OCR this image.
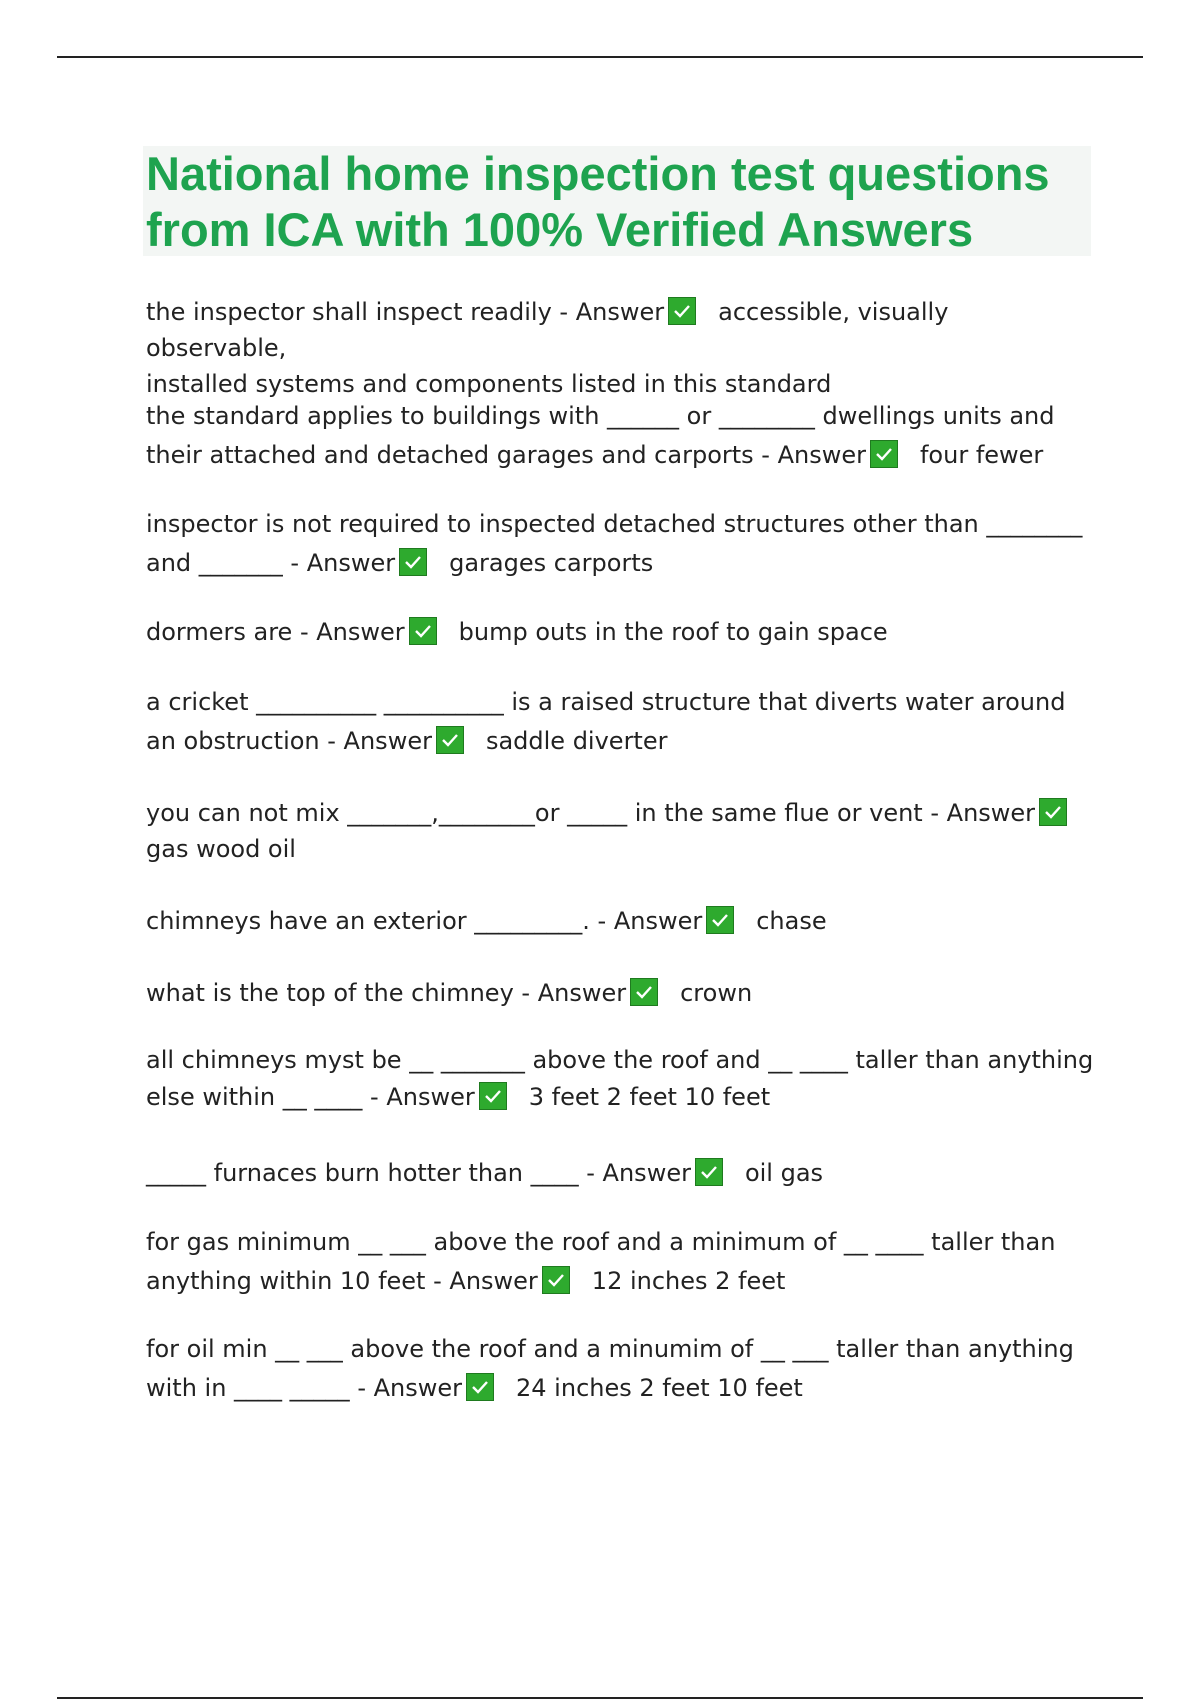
National home inspection test questions
from ICA with 100% Verified Answers
the inspector shall inspect readily - Answer accessible, visually observable,
installed systems and components listed in this standard
the standard applies to buildings with ______ or ________ dwellings units and
their attached and detached garages and carports - Answer four fewer
inspector is not required to inspected detached structures other than ________
and _______ - Answer garages carports
dormers are - Answer bump outs in the roof to gain space
a cricket __________ __________ is a raised structure that diverts water around
an obstruction - Answer saddle diverter
you can not mix _______,________or _____ in the same flue or vent - Answer

gas wood oil
chimneys have an exterior _________. - Answer chase
what is the top of the chimney - Answer crown
all chimneys myst be __ _______ above the roof and __ ____ taller than anything
else within __ ____ - Answer 3 feet 2 feet 10 feet
_____ furnaces burn hotter than ____ - Answer oil gas
for gas minimum __ ___ above the roof and a minimum of __ ____ taller than
anything within 10 feet - Answer 12 inches 2 feet
for oil min __ ___ above the roof and a minumim of __ ___ taller than anything
with in ____ _____ - Answer 24 inches 2 feet 10 feet
